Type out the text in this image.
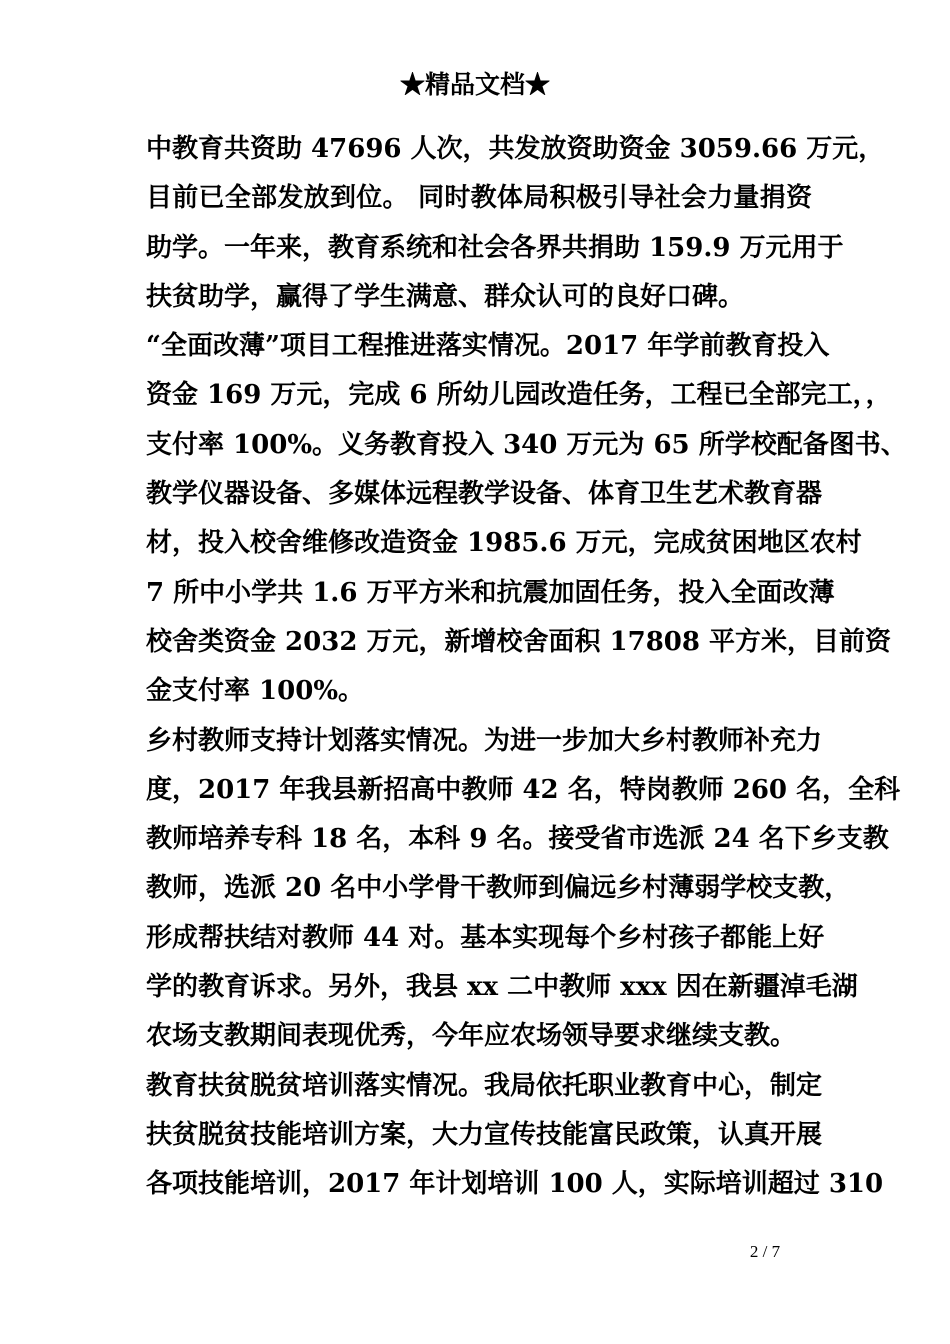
★精品文档★
中教育共资助 47696 人次，共发放资助资金 3059.66 万元，
目前已全部发放到位。 同时教体局积极引导社会力量捐资
助学。一年来，教育系统和社会各界共捐助 159.9 万元用于
扶贫助学，赢得了学生满意、群众认可的良好口碑。
“全面改薄”项目工程推进落实情况。2017 年学前教育投入
资金 169 万元，完成 6 所幼儿园改造任务，工程已全部完工，，
支付率 100%。义务教育投入 340 万元为 65 所学校配备图书、
教学仪器设备、多媒体远程教学设备、体育卫生艺术教育器
材，投入校舍维修改造资金 1985.6 万元，完成贫困地区农村
7 所中小学共 1.6 万平方米和抗震加固任务，投入全面改薄
校舍类资金 2032 万元，新增校舍面积 17808 平方米，目前资
金支付率 100%。
乡村教师支持计划落实情况。为进一步加大乡村教师补充力
度，2017 年我县新招高中教师 42 名，特岗教师 260 名，全科
教师培养专科 18 名，本科 9 名。接受省市选派 24 名下乡支教
教师，选派 20 名中小学骨干教师到偏远乡村薄弱学校支教，
形成帮扶结对教师 44 对。基本实现每个乡村孩子都能上好
学的教育诉求。另外，我县 xx 二中教师 xxx 因在新疆淖毛湖
农场支教期间表现优秀，今年应农场领导要求继续支教。
教育扶贫脱贫培训落实情况。我局依托职业教育中心，制定
扶贫脱贫技能培训方案，大力宣传技能富民政策，认真开展
各项技能培训，2017 年计划培训 100 人，实际培训超过 310
2 / 7
